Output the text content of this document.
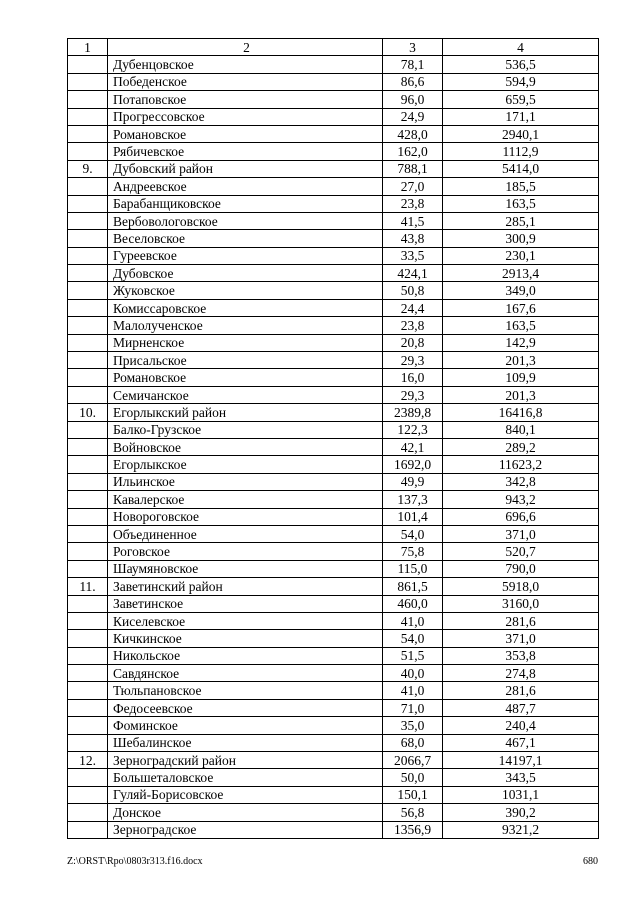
1	2	3	4
	Дубенцовское	78,1	536,5
	Победенское	86,6	594,9
	Потаповское	96,0	659,5
	Прогрессовское	24,9	171,1
	Романовское	428,0	2940,1
	Рябичевское	162,0	1112,9
9.	Дубовский район	788,1	5414,0
	Андреевское	27,0	185,5
	Барабанщиковское	23,8	163,5
	Вербовологовское	41,5	285,1
	Веселовское	43,8	300,9
	Гуреевское	33,5	230,1
	Дубовское	424,1	2913,4
	Жуковское	50,8	349,0
	Комиссаровское	24,4	167,6
	Малолученское	23,8	163,5
	Мирненское	20,8	142,9
	Присальское	29,3	201,3
	Романовское	16,0	109,9
	Семичанское	29,3	201,3
10.	Егорлыкский район	2389,8	16416,8
	Балко-Грузское	122,3	840,1
	Войновское	42,1	289,2
	Егорлыкское	1692,0	11623,2
	Ильинское	49,9	342,8
	Кавалерское	137,3	943,2
	Новороговское	101,4	696,6
	Объединенное	54,0	371,0
	Роговское	75,8	520,7
	Шаумяновское	115,0	790,0
11.	Заветинский район	861,5	5918,0
	Заветинское	460,0	3160,0
	Киселевское	41,0	281,6
	Кичкинское	54,0	371,0
	Никольское	51,5	353,8
	Савдянское	40,0	274,8
	Тюльпановское	41,0	281,6
	Федосеевское	71,0	487,7
	Фоминское	35,0	240,4
	Шебалинское	68,0	467,1
12.	Зерноградский район	2066,7	14197,1
	Большеталовское	50,0	343,5
	Гуляй-Борисовское	150,1	1031,1
	Донское	56,8	390,2
	Зерноградское	1356,9	9321,2
Z:\ORST\Rpo\0803r313.f16.docx	680
